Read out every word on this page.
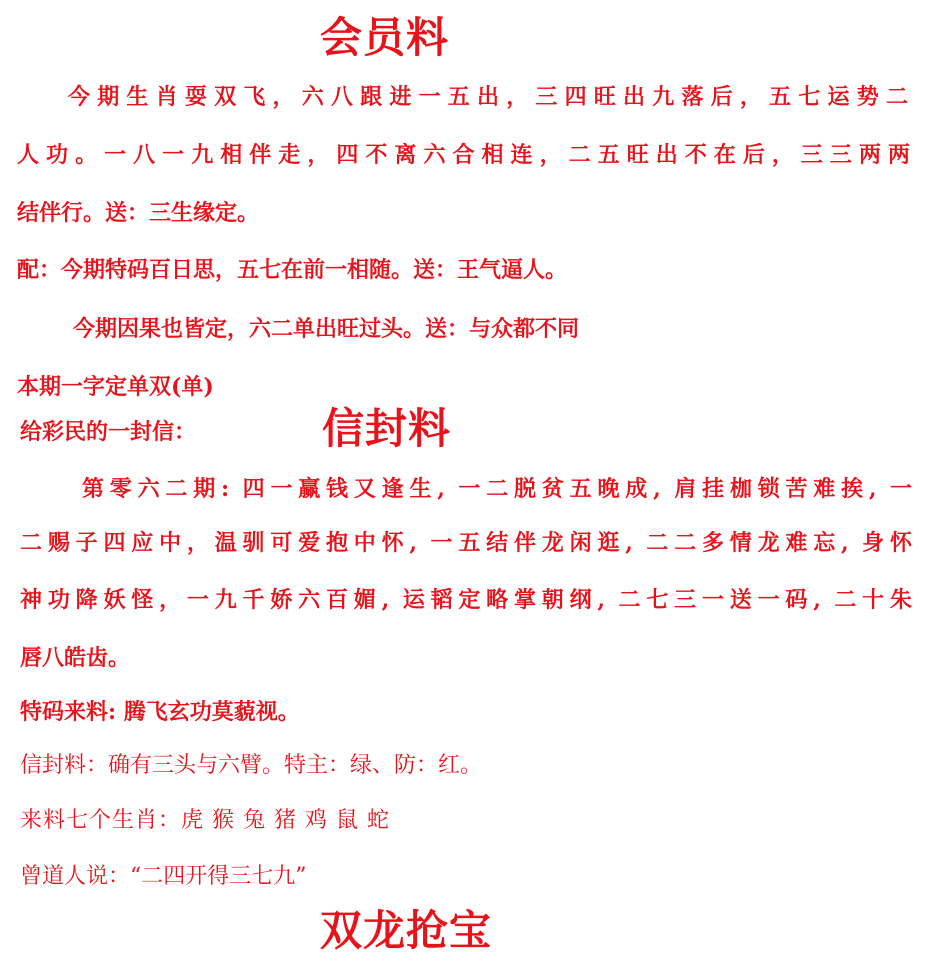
会员料
今期生肖耍双飞，六八跟进一五出，三四旺出九落后，五七运势二
人功。一八一九相伴走，四不离六合相连，二五旺出不在后，三三两两
结伴行。送：三生缘定。
配：今期特码百日思，五七在前一相随。送：王气逼人。
今期因果也皆定，六二单出旺过头。送：与众都不同
本期一字定单双(单)
给彩民的一封信：	信封料
第零六二期: 四一赢钱又逢生, 一二脱贫五晚成, 肩挂枷锁苦难挨, 一
二赐子四应中，温驯可爱抱中怀, 一五结伴龙闲逛, 二二多情龙难忘, 身怀
神功降妖怪，一九千娇六百媚, 运韬定略掌朝纲, 二七三一送一码, 二十朱
唇八皓齿。
特码来料: 腾飞玄功莫藐视。
信封料：确有三头与六臂。特主：绿、防：红。
来料七个生肖：虎 猴 兔 猪 鸡 鼠 蛇
曾道人说：“二四开得三七九”
双龙抢宝
